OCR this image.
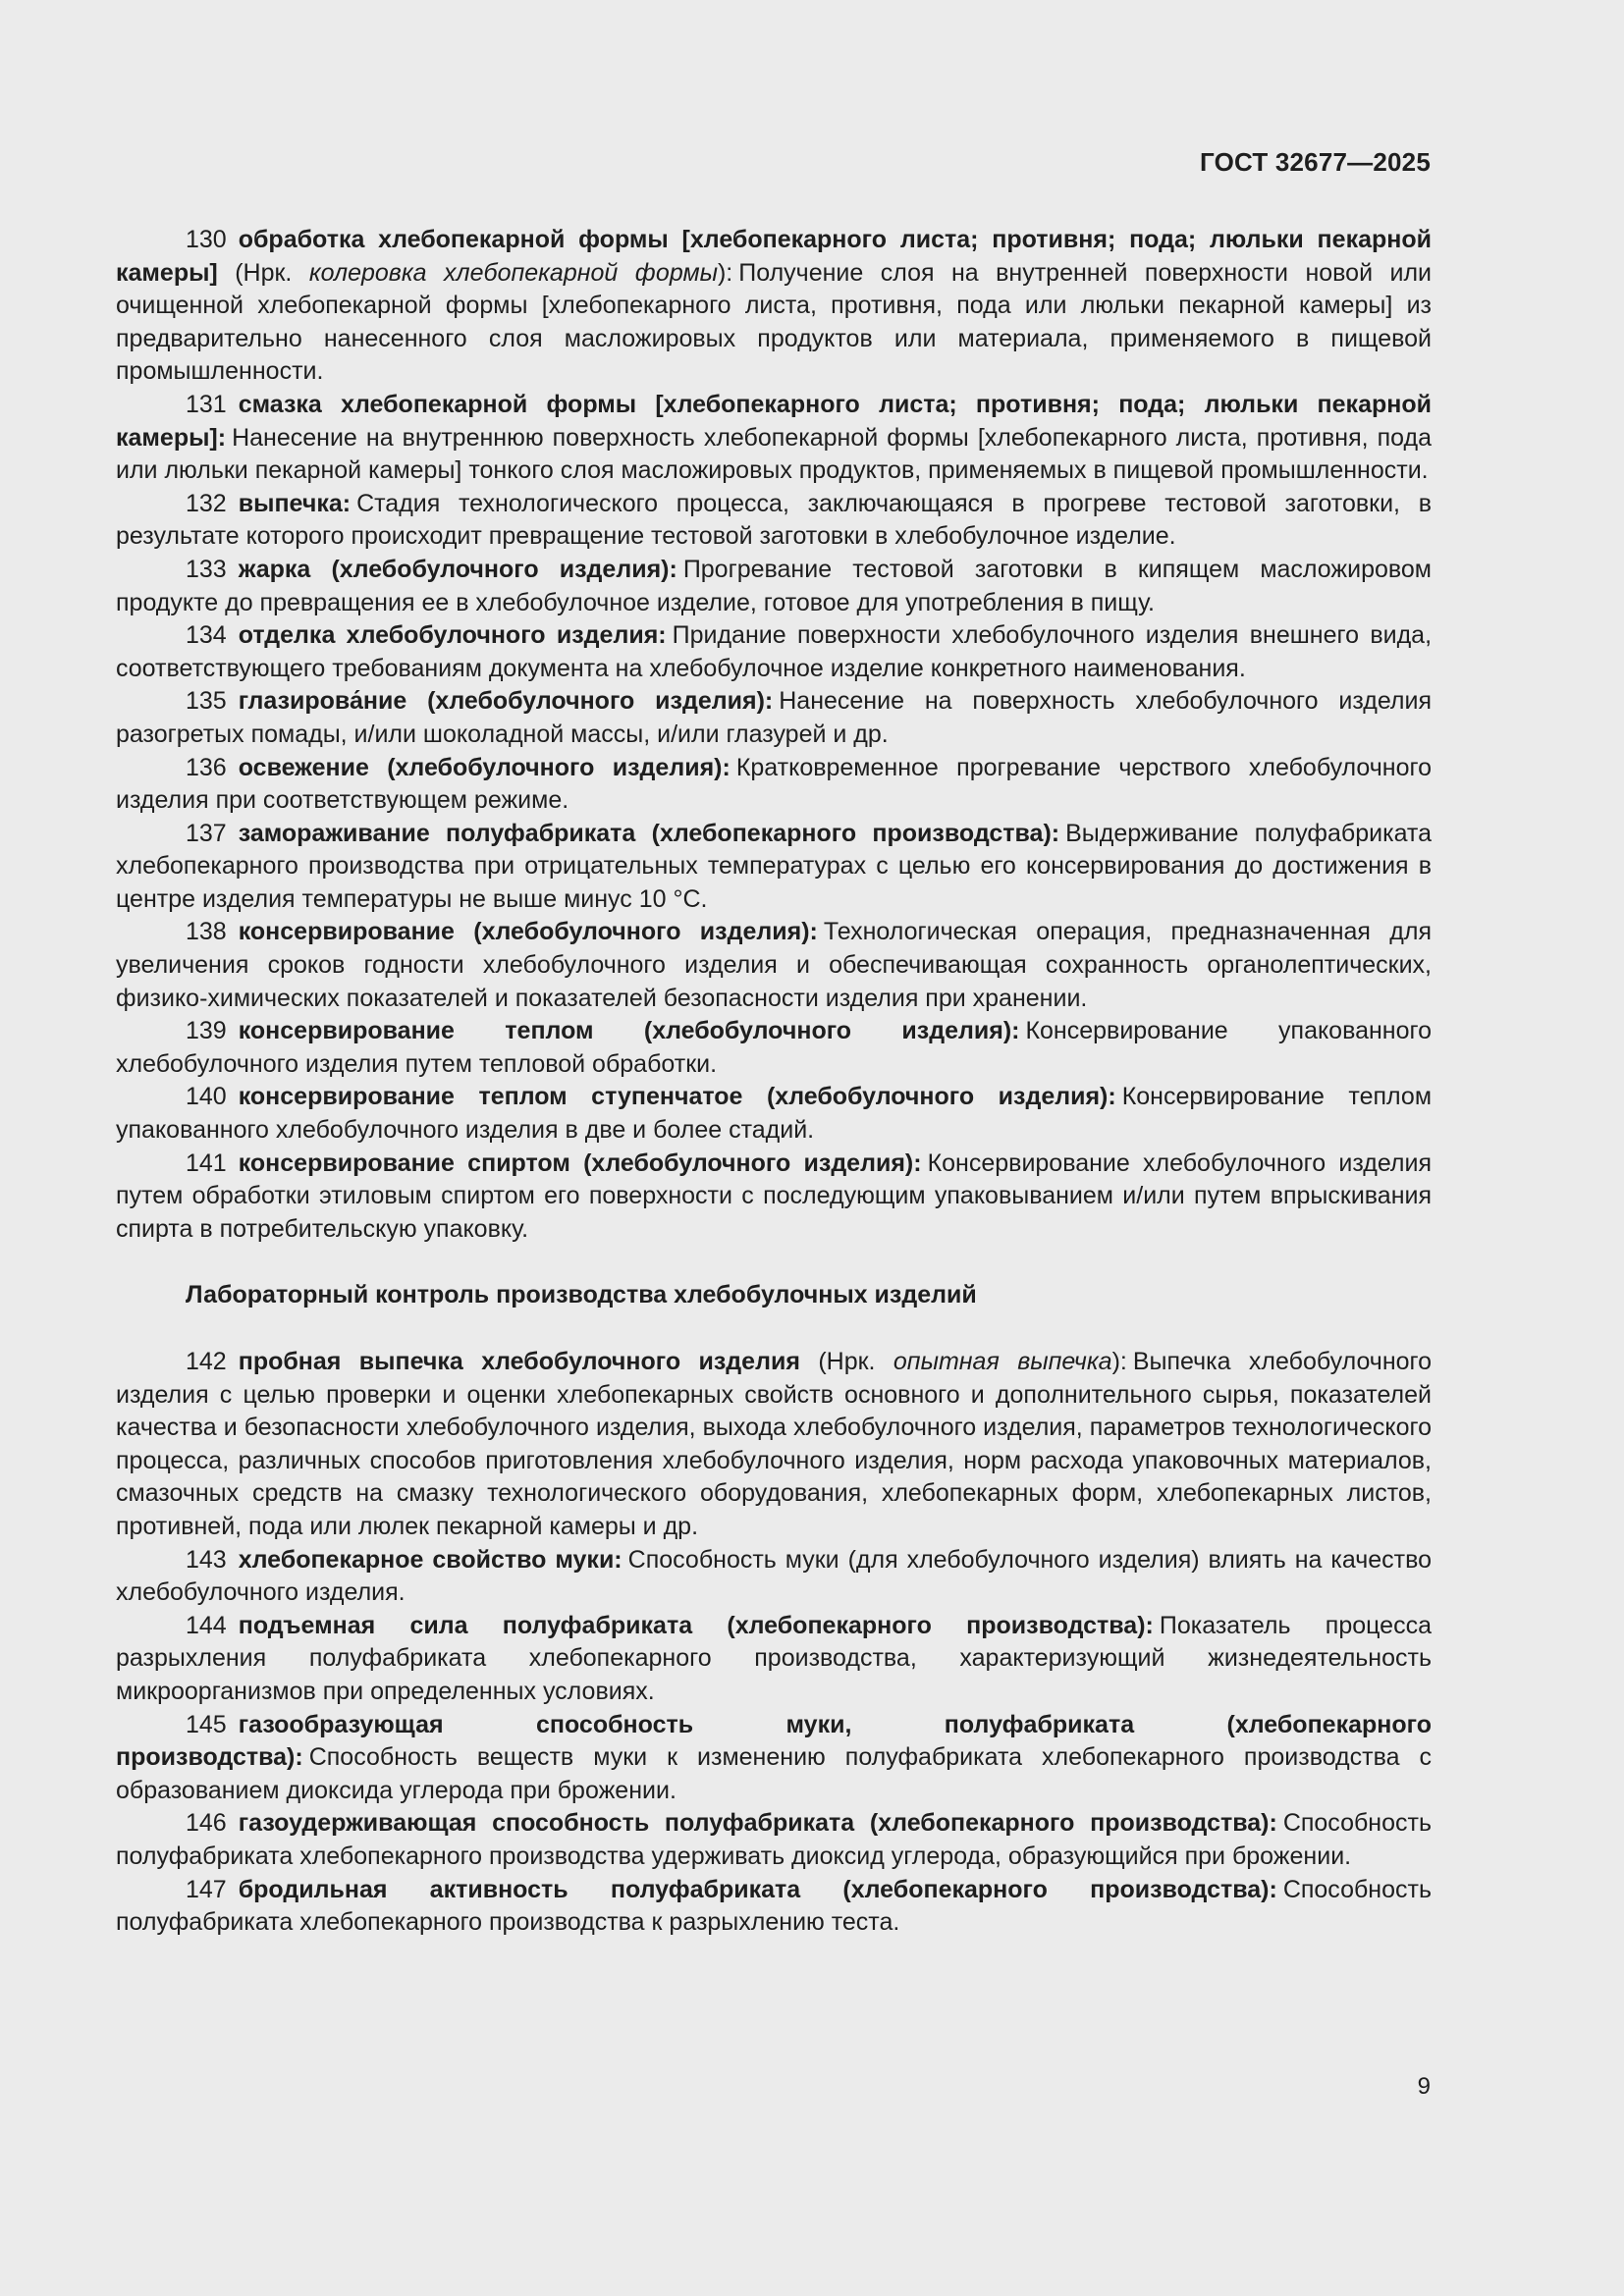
ГОСТ 32677—2025

130 обработка хлебопекарной формы [хлебопекарного листа; противня; пода; люльки пекарной камеры] (Нрк. колеровка хлебопекарной формы): Получение слоя на внутренней поверхности новой или очищенной хлебопекарной формы [хлебопекарного листа, противня, пода или люльки пекарной камеры] из предварительно нанесенного слоя масложировых продуктов или материала, применяемого в пищевой промышленности.

131 смазка хлебопекарной формы [хлебопекарного листа; противня; пода; люльки пекарной камеры]: Нанесение на внутреннюю поверхность хлебопекарной формы [хлебопекарного листа, противня, пода или люльки пекарной камеры] тонкого слоя масложировых продуктов, применяемых в пищевой промышленности.

132 выпечка: Стадия технологического процесса, заключающаяся в прогреве тестовой заготовки, в результате которого происходит превращение тестовой заготовки в хлебобулочное изделие.

133 жарка (хлебобулочного изделия): Прогревание тестовой заготовки в кипящем масложировом продукте до превращения ее в хлебобулочное изделие, готовое для употребления в пищу.

134 отделка хлебобулочного изделия: Придание поверхности хлебобулочного изделия внешнего вида, соответствующего требованиям документа на хлебобулочное изделие конкретного наименования.

135 глазирова́ние (хлебобулочного изделия): Нанесение на поверхность хлебобулочного изделия разогретых помады, и/или шоколадной массы, и/или глазурей и др.

136 освежение (хлебобулочного изделия): Кратковременное прогревание черствого хлебобулочного изделия при соответствующем режиме.

137 замораживание полуфабриката (хлебопекарного производства): Выдерживание полуфабриката хлебопекарного производства при отрицательных температурах с целью его консервирования до достижения в центре изделия температуры не выше минус 10 °С.

138 консервирование (хлебобулочного изделия): Технологическая операция, предназначенная для увеличения сроков годности хлебобулочного изделия и обеспечивающая сохранность органолептических, физико-химических показателей и показателей безопасности изделия при хранении.

139 консервирование теплом (хлебобулочного изделия): Консервирование упакованного хлебобулочного изделия путем тепловой обработки.

140 консервирование теплом ступенчатое (хлебобулочного изделия): Консервирование теплом упакованного хлебобулочного изделия в две и более стадий.

141 консервирование спиртом (хлебобулочного изделия): Консервирование хлебобулочного изделия путем обработки этиловым спиртом его поверхности с последующим упаковыванием и/или путем впрыскивания спирта в потребительскую упаковку.

Лабораторный контроль производства хлебобулочных изделий

142 пробная выпечка хлебобулочного изделия (Нрк. опытная выпечка): Выпечка хлебобулочного изделия с целью проверки и оценки хлебопекарных свойств основного и дополнительного сырья, показателей качества и безопасности хлебобулочного изделия, выхода хлебобулочного изделия, параметров технологического процесса, различных способов приготовления хлебобулочного изделия, норм расхода упаковочных материалов, смазочных средств на смазку технологического оборудования, хлебопекарных форм, хлебопекарных листов, противней, пода или люлек пекарной камеры и др.

143 хлебопекарное свойство муки: Способность муки (для хлебобулочного изделия) влиять на качество хлебобулочного изделия.

144 подъемная сила полуфабриката (хлебопекарного производства): Показатель процесса разрыхления полуфабриката хлебопекарного производства, характеризующий жизнедеятельность микроорганизмов при определенных условиях.

145 газообразующая способность муки, полуфабриката (хлебопекарного производства): Способность веществ муки к изменению полуфабриката хлебопекарного производства с образованием диоксида углерода при брожении.

146 газоудерживающая способность полуфабриката (хлебопекарного производства): Способность полуфабриката хлебопекарного производства удерживать диоксид углерода, образующийся при брожении.

147 бродильная активность полуфабриката (хлебопекарного производства): Способность полуфабриката хлебопекарного производства к разрыхлению теста.

9
